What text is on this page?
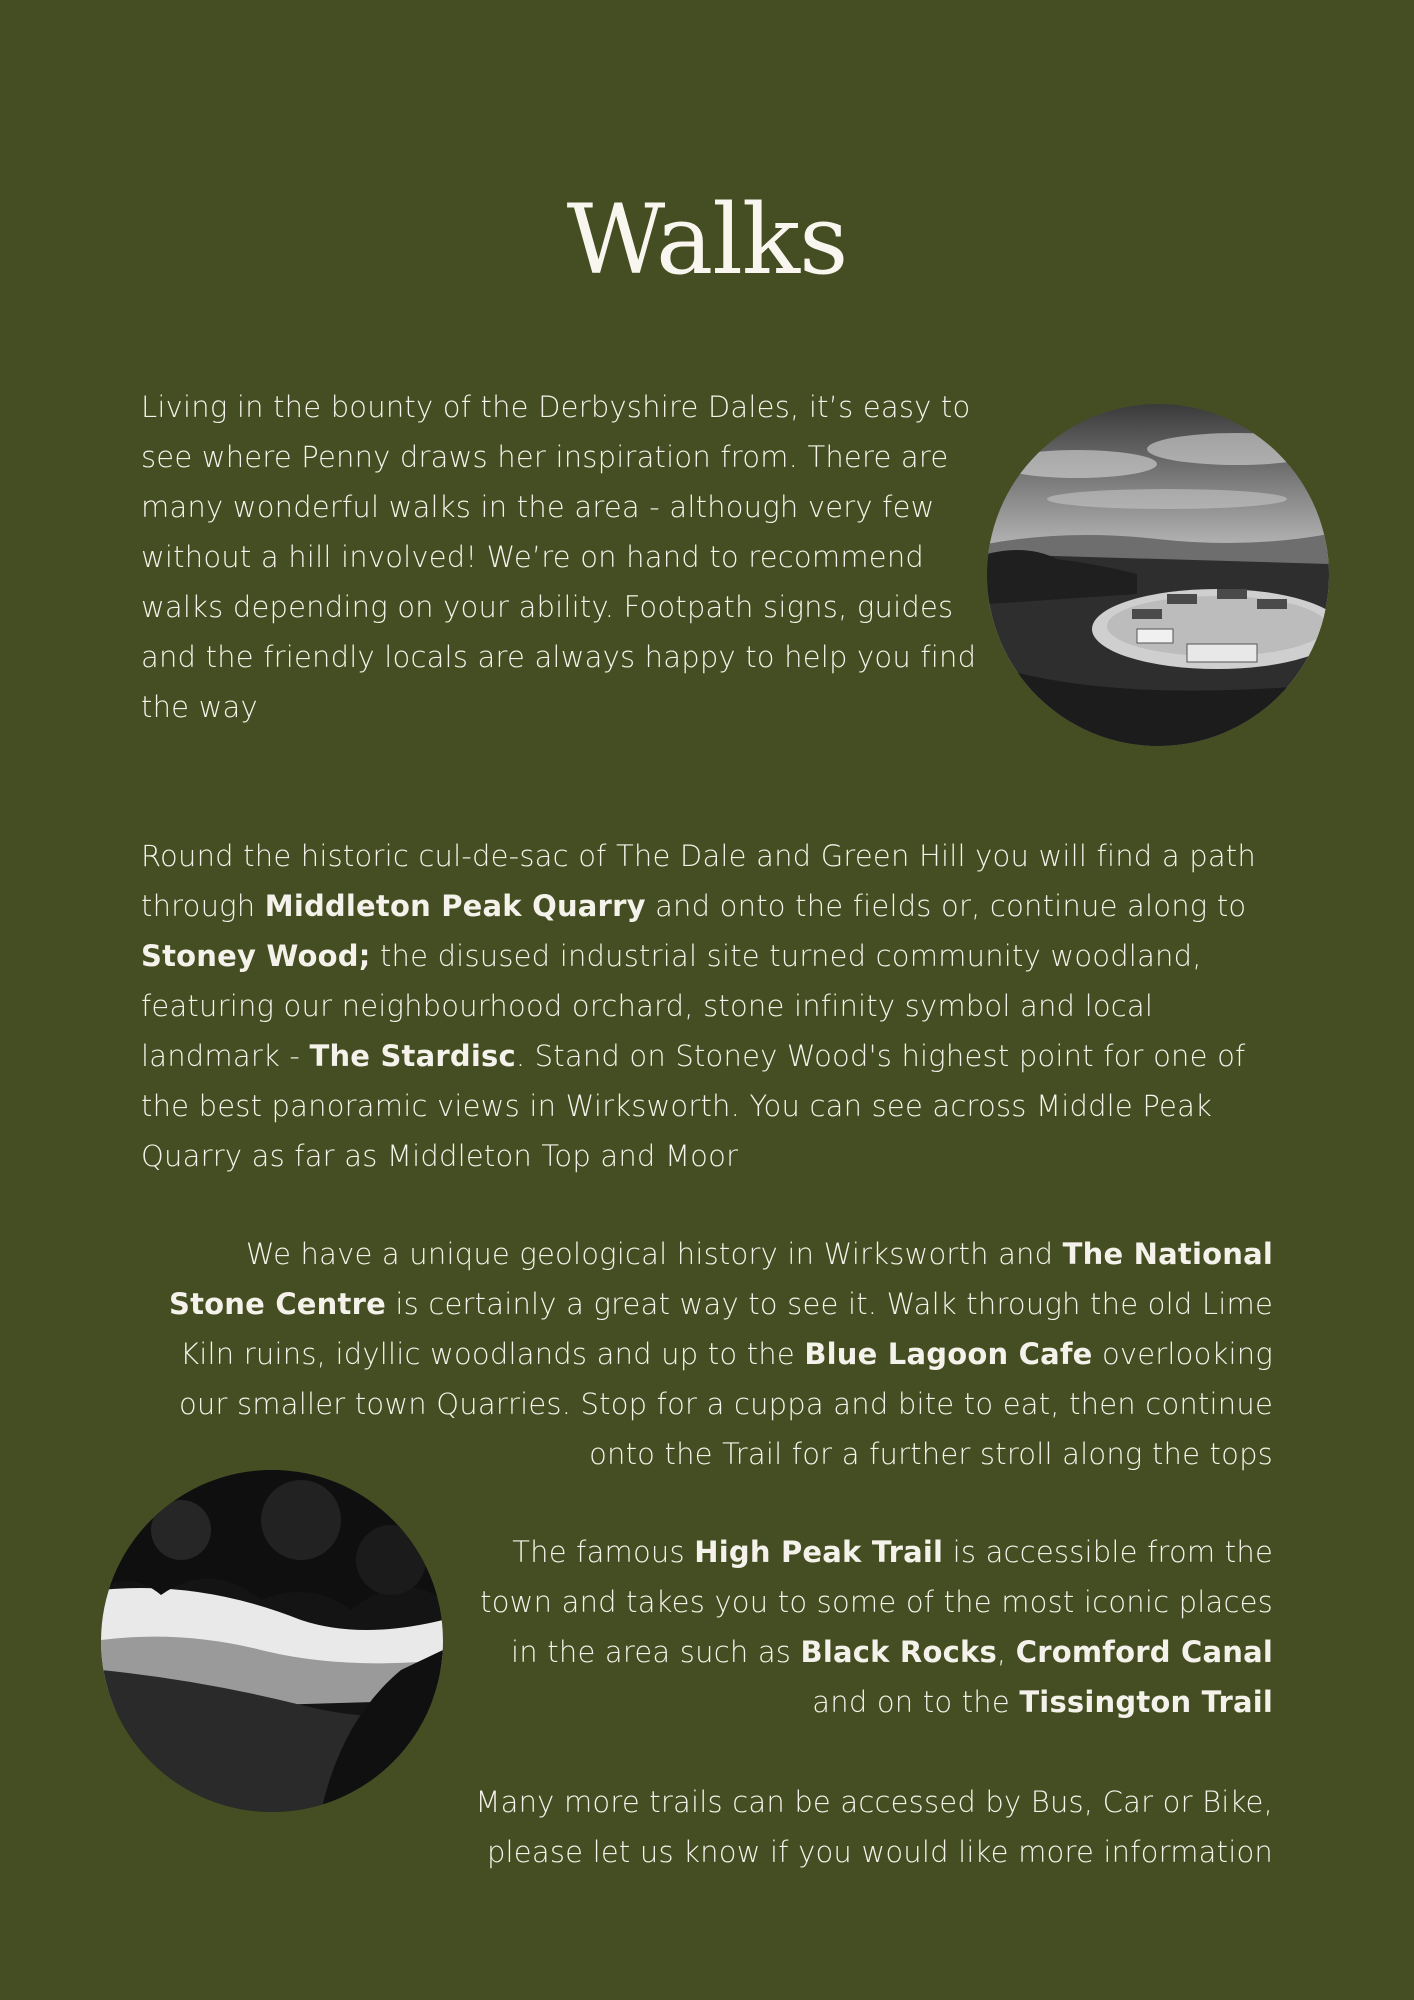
Walks

Living in the bounty of the Derbyshire Dales, it’s easy to see where Penny draws her inspiration from. There are many wonderful walks in the area - although very few without a hill involved! We’re on hand to recommend walks depending on your ability. Footpath signs, guides and the friendly locals are always happy to help you find the way

Round the historic cul-de-sac of The Dale and Green Hill you will find a path through Middleton Peak Quarry and onto the fields or, continue along to Stoney Wood; the disused industrial site turned community woodland, featuring our neighbourhood orchard, stone infinity symbol and local landmark - The Stardisc. Stand on Stoney Wood's highest point for one of the best panoramic views in Wirksworth. You can see across Middle Peak Quarry as far as Middleton Top and Moor

We have a unique geological history in Wirksworth and The National Stone Centre is certainly a great way to see it. Walk through the old Lime Kiln ruins, idyllic woodlands and up to the Blue Lagoon Cafe overlooking our smaller town Quarries. Stop for a cuppa and bite to eat, then continue onto the Trail for a further stroll along the tops

The famous High Peak Trail is accessible from the town and takes you to some of the most iconic places in the area such as Black Rocks, Cromford Canal and on to the Tissington Trail

Many more trails can be accessed by Bus, Car or Bike, please let us know if you would like more information
